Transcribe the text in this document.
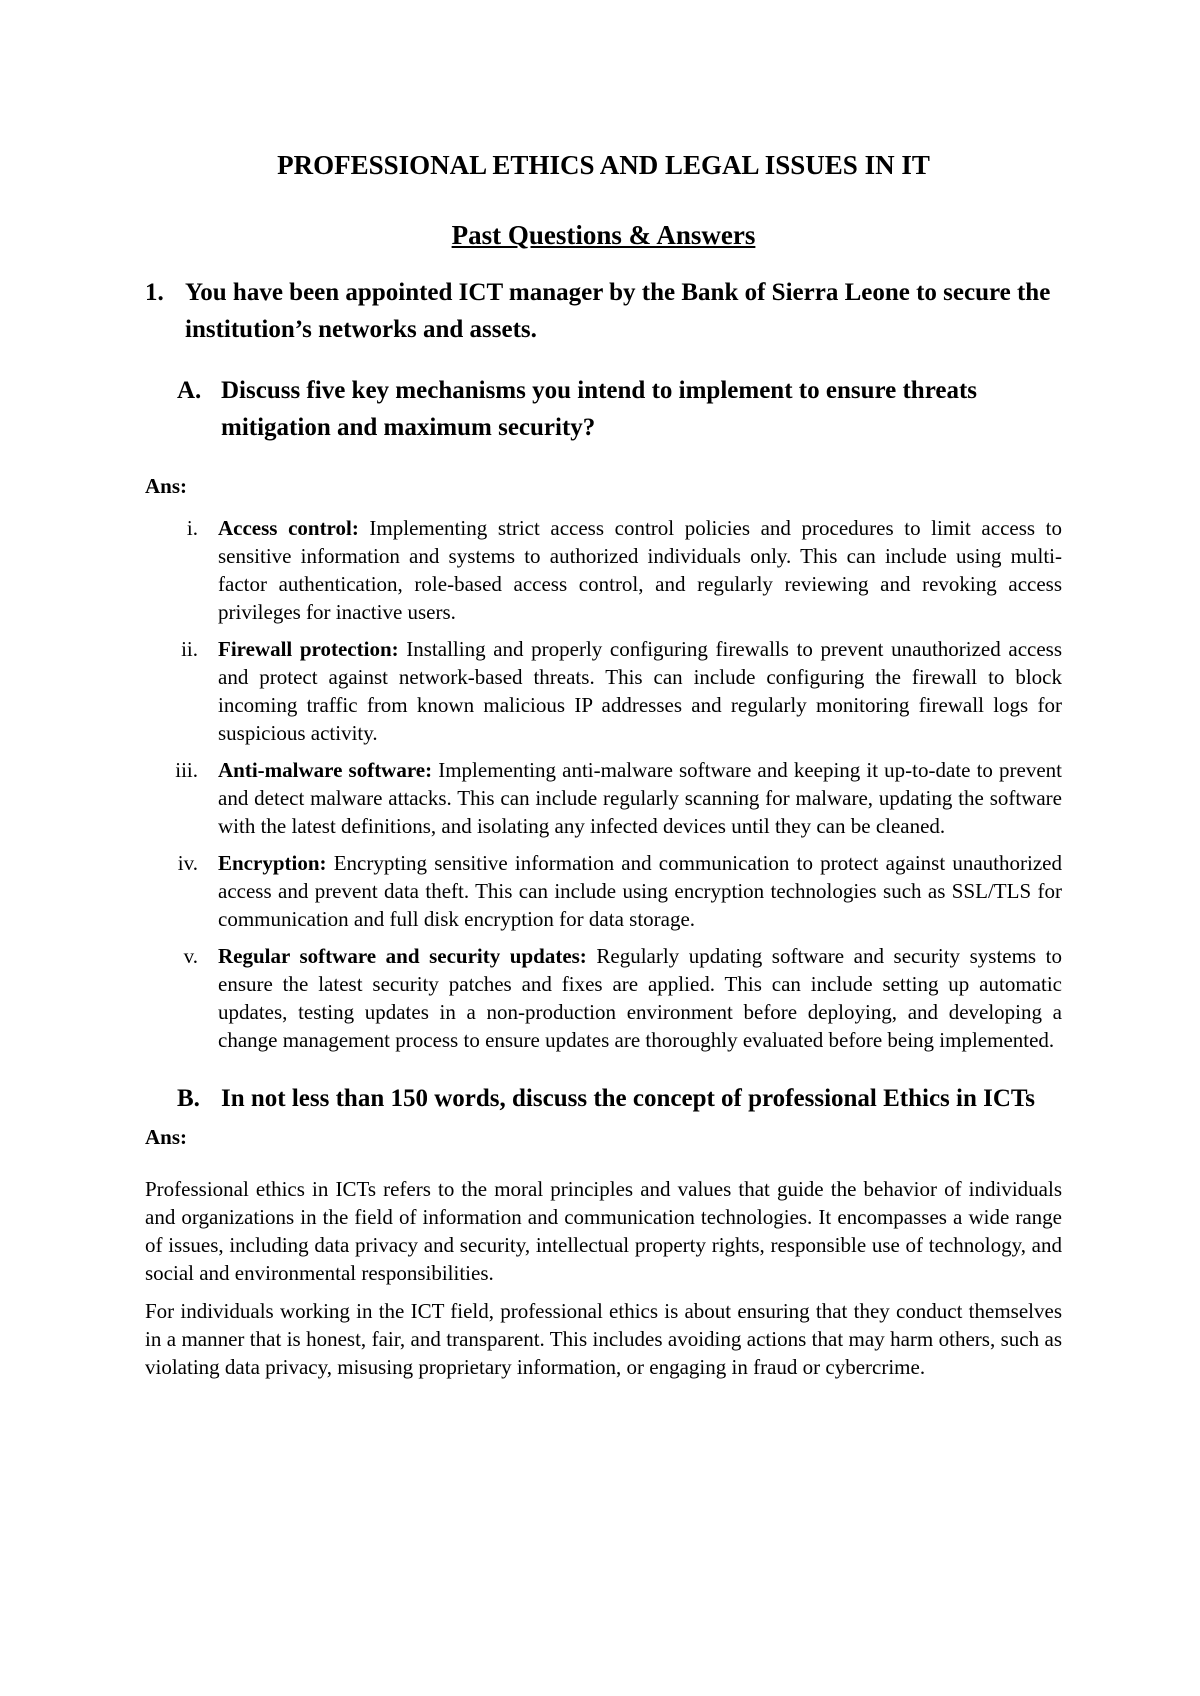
PROFESSIONAL ETHICS AND LEGAL ISSUES IN IT
Past Questions & Answers
1. You have been appointed ICT manager by the Bank of Sierra Leone to secure the institution’s networks and assets.
A. Discuss five key mechanisms you intend to implement to ensure threats mitigation and maximum security?
Ans:
i. Access control: Implementing strict access control policies and procedures to limit access to sensitive information and systems to authorized individuals only. This can include using multi-factor authentication, role-based access control, and regularly reviewing and revoking access privileges for inactive users.
ii. Firewall protection: Installing and properly configuring firewalls to prevent unauthorized access and protect against network-based threats. This can include configuring the firewall to block incoming traffic from known malicious IP addresses and regularly monitoring firewall logs for suspicious activity.
iii. Anti-malware software: Implementing anti-malware software and keeping it up-to-date to prevent and detect malware attacks. This can include regularly scanning for malware, updating the software with the latest definitions, and isolating any infected devices until they can be cleaned.
iv. Encryption: Encrypting sensitive information and communication to protect against unauthorized access and prevent data theft. This can include using encryption technologies such as SSL/TLS for communication and full disk encryption for data storage.
v. Regular software and security updates: Regularly updating software and security systems to ensure the latest security patches and fixes are applied. This can include setting up automatic updates, testing updates in a non-production environment before deploying, and developing a change management process to ensure updates are thoroughly evaluated before being implemented.
B. In not less than 150 words, discuss the concept of professional Ethics in ICTs
Ans:

Professional ethics in ICTs refers to the moral principles and values that guide the behavior of individuals and organizations in the field of information and communication technologies. It encompasses a wide range of issues, including data privacy and security, intellectual property rights, responsible use of technology, and social and environmental responsibilities.

For individuals working in the ICT field, professional ethics is about ensuring that they conduct themselves in a manner that is honest, fair, and transparent. This includes avoiding actions that may harm others, such as violating data privacy, misusing proprietary information, or engaging in fraud or cybercrime.
